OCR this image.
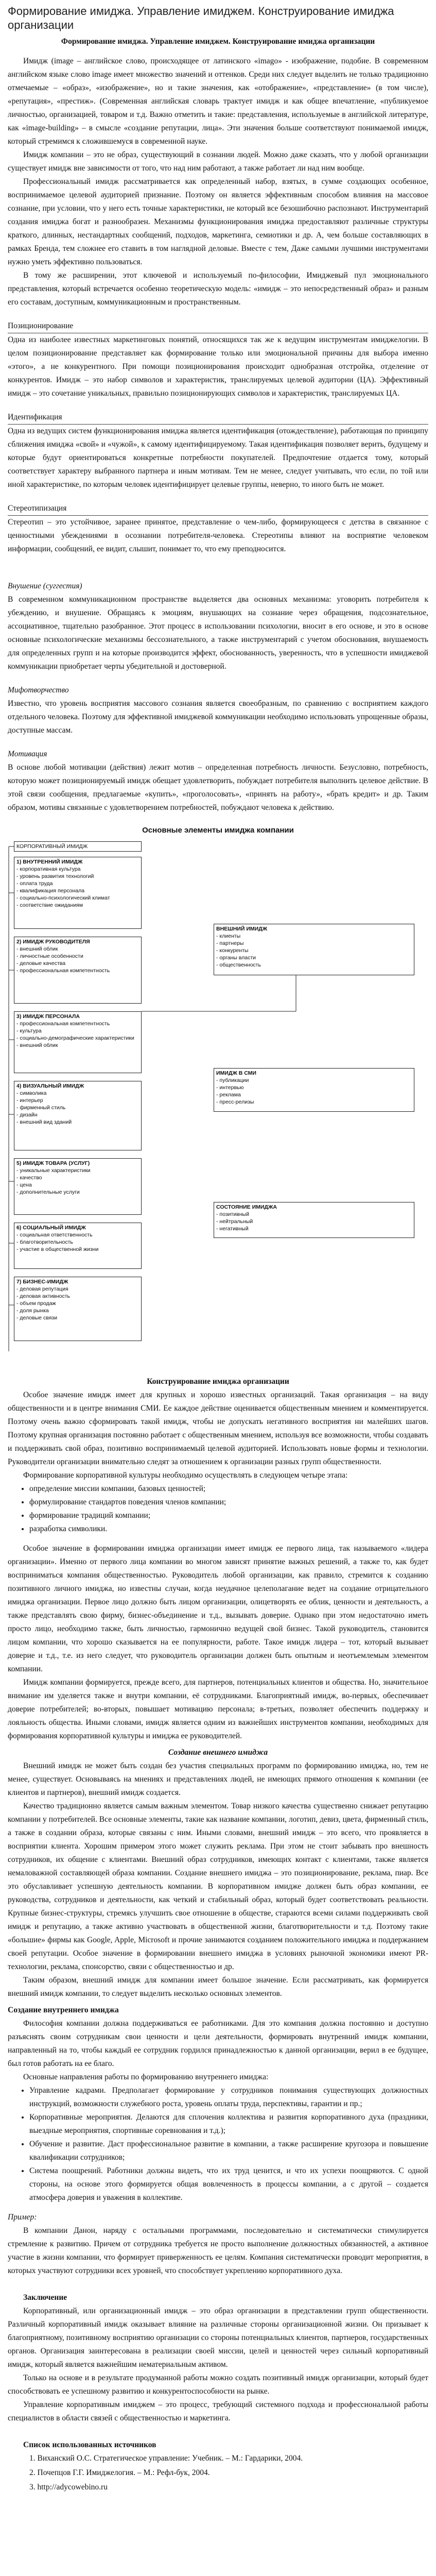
Формирование имиджа. Управление имиджем. Конструирование имиджа организации

Формирование имиджа. Управление имиджем. Конструирование имиджа организации

Имидж (image – английское слово, происходящее от латинского «imago» - изображение, подобие. В современном английском языке слово image имеет множество значений и оттенков. Среди них следует выделить не только традиционно отмечаемые – «образ», «изображение», но и такие значения, как «отображение», «представление» (в том числе), «репутация», «престиж». (Современная английская словарь трактует имидж и как общее впечатление, «публикуемое личностью, организацией, товаром и т.д. Важно отметить и такие: представления, используемые в английской литературе, как «image-building» – в смысле «создание репутации, лица». Эти значения больше соответствуют понимаемой имидж, который стремимся к сложившемуся в современной науке.

Имидж компании – это не образ, существующий в сознании людей. Можно даже сказать, что у любой организации существует имидж вне зависимости от того, что над ним работают, а также работает ли над ним вообще.

Профессиональный имидж рассматривается как определенный набор, взятых, в сумме создающих особенное, воспринимаемое целевой аудиторией признание. Поэтому он является эффективным способом влияния на массовое сознание, при условии, что у него есть точные характеристики, не который все безошибочно распознают. Инструментарий создания имиджа богат и разнообразен. Механизмы функционирования имиджа предоставляют различные структуры краткого, длинных, нестандартных сообщений, подходов, маркетинга, семиотики и др. А, чем больше составляющих в рамках Бренда, тем сложнее его ставить в том наглядной деловые. Вместе с тем, Даже самыми лучшими инструментами нужно уметь эффективно пользоваться.

В тому же расширении, этот ключевой и используемый по-философии, Имиджевый пул эмоционального представления, который встречается особенно теоретическую модель: «имидж – это непосредственный образ» и разным его составам, доступным, коммуникационным и пространственным.

Позиционирование

Одна из наиболее известных маркетинговых понятий, относящихся так же к ведущим инструментам имиджелогии. В целом позиционирование представляет как формирование только или эмоциональной причины для выбора именно «этого», а не конкурентного. При помощи позиционирования происходит однобразная отстройка, отделение от конкурентов. Имидж – это набор символов и характеристик, транслируемых целевой аудитории (ЦА). Эффективный имидж – это сочетание уникальных, правильно позиционирующих символов и характеристик, транслируемых ЦА.

Идентификация

Одна из ведущих систем функционирования имиджа является идентификация (отождествление), работающая по принципу сближения имиджа «свой» и «чужой», к самому идентифицируемому. Такая идентификация позволяет верить, будущему и которые будут ориентироваться конкретные потребности покупателей. Предпочтение отдается тому, который соответствует характеру выбранного партнера и иным мотивам. Тем не менее, следует учитывать, что если, по той или иной характеристике, по которым человек идентифицирует целевые группы, неверно, то иного быть не может.

Стереотипизация

Стереотип – это устойчивое, заранее принятое, представление о чем-либо, формирующееся с детства в связанное с ценностными убеждениями в осознании потребителя-человека. Стереотипы влияют на восприятие человеком информации, сообщений, ее видит, слышит, понимает то, что ему преподносится.

Внушение (суггестия)

В современном коммуникационном пространстве выделяется два основных механизма: уговорить потребителя к убеждению, и внушение. Обращаясь к эмоциям, внушающих на сознание через обращения, подсознательное, ассоциативное, тщательно разобранное. Этот процесс в использовании психологии, вносит в его основе, и это в основе основные психологические механизмы бессознательного, а также инструментарий с учетом обоснования, внушаемость для определенных групп и на которые производится эффект, обоснованность, уверенность, что в успешности имиджевой коммуникации приобретает черты убедительной и достоверной.

Мифотворчество

Известно, что уровень восприятия массового сознания является своеобразным, по сравнению с восприятием каждого отдельного человека. Поэтому для эффективной имиджевой коммуникации необходимо использовать упрощенные образы, доступные массам.

Мотивация

В основе любой мотивации (действия) лежит мотив – определенная потребность личности. Безусловно, потребность, которую может позиционируемый имидж обещает удовлетворить, побуждает потребителя выполнить целевое действие. В этой связи сообщения, предлагаемые «купить», «проголосовать», «принять на работу», «брать кредит» и др. Таким образом, мотивы связанные с удовлетворением потребностей, побуждают человека к действию.

Основные элементы имиджа компании
КОРПОРАТИВНЫЙ ИМИДЖ
1) ВНУТРЕННИЙ ИМИДЖ
- корпоративная культура
- уровень развития технологий
- оплата труда
- квалификация персонала
- социально-психологический климат
- соответствие ожиданиям
2) ИМИДЖ РУКОВОДИТЕЛЯ
- внешний облик
- личностные особенности
- деловые качества
- профессиональная компетентность
3) ИМИДЖ ПЕРСОНАЛА
- профессиональная компетентность
- культура
- социально-демографические характеристики
- внешний облик
4) ВИЗУАЛЬНЫЙ ИМИДЖ
- символика
- интерьер
- фирменный стиль
- дизайн
- внешний вид зданий
5) ИМИДЖ ТОВАРА (УСЛУГ)
- уникальные характеристики
- качество
- цена
- дополнительные услуги
6) СОЦИАЛЬНЫЙ ИМИДЖ
- социальная ответственность
- благотворительность
- участие в общественной жизни
7) БИЗНЕС-ИМИДЖ
- деловая репутация
- деловая активность
- объем продаж
- доля рынка
- деловые связи
ВНЕШНИЙ ИМИДЖ
- клиенты
- партнеры
- конкуренты
- органы власти
- общественность
ИМИДЖ В СМИ
- публикации
- интервью
- реклама
- пресс-релизы
СОСТОЯНИЕ ИМИДЖА
- позитивный
- нейтральный
- негативный

Конструирование имиджа организации

Особое значение имидж имеет для крупных и хорошо известных организаций. Такая организация – на виду общественности и в центре внимания СМИ. Ее каждое действие оценивается общественным мнением и комментируется. Поэтому очень важно сформировать такой имидж, чтобы не допускать негативного восприятия ни малейших шагов. Поэтому крупная организация постоянно работает с общественным мнением, используя все возможности, чтобы создавать и поддерживать свой образ, позитивно воспринимаемый целевой аудиторией. Использовать новые формы и технологии. Руководители организации внимательно следят за отношением к организации разных групп общественности.

Формирование корпоративной культуры необходимо осуществлять в следующем четыре этапа:

• определение миссии компании, базовых ценностей;
• формулирование стандартов поведения членов компании;
• формирование традиций компании;
• разработка символики.

Особое значение в формировании имиджа организации имеет имидж ее первого лица, так называемого «лидера организации». Именно от первого лица компании во многом зависят принятие важных решений, а также то, как будет восприниматься компания общественностью. Руководитель любой организации, как правило, стремится к созданию позитивного личного имиджа, но известны случаи, когда неудачное целеполагание ведет на создание отрицательного имиджа организации. Первое лицо должно быть лицом организации, олицетворять ее облик, ценности и деятельность, а также представлять свою фирму, бизнес-объединение и т.д., вызывать доверие. Однако при этом недостаточно иметь просто лицо, необходимо также, быть личностью, гармонично ведущей свой бизнес. Такой руководитель, становится лицом компании, что хорошо сказывается на ее популярности, работе. Такое имидж лидера – тот, который вызывает доверие и т.д., т.е. из него следует, что руководитель организации должен быть опытным и неотъемлемым элементом компании.

Имидж компании формируется, прежде всего, для партнеров, потенциальных клиентов и общества. Но, значительное внимание им уделяется также и внутри компании, её сотрудниками. Благоприятный имидж, во-первых, обеспечивает доверие потребителей; во-вторых, повышает мотивацию персонала; в-третьих, позволяет обеспечить поддержку и лояльность общества. Иными словами, имидж является одним из важнейших инструментов компании, необходимых для формирования корпоративной культуры и имиджа ее руководителей.

Создание внешнего имиджа

Внешний имидж не может быть создан без участия специальных программ по формированию имиджа, но, тем не менее, существует. Основываясь на мнениях и представлениях людей, не имеющих прямого отношения к компании (ее клиентов и партнеров), внешний имидж создается.

Качество традиционно является самым важным элементом. Товар низкого качества существенно снижает репутацию компании у потребителей. Все основные элементы, такие как название компании, логотип, девиз, цвета, фирменный стиль, а также в создании образа, которые связаны с ним. Иными словами, внешний имидж – это всего, что проявляется в восприятии клиента. Хорошим примером этого может служить реклама. При этом не стоит забывать про внешность сотрудников, их общение с клиентами. Внешний образ сотрудников, имеющих контакт с клиентами, также является немаловажной составляющей образа компании. Создание внешнего имиджа – это позиционирование, реклама, пиар. Все это обуславливает успешную деятельность компании. В корпоративном имидже должен быть образ компании, ее руководства, сотрудников и деятельности, как четкий и стабильный образ, который будет соответствовать реальности. Крупные бизнес-структуры, стремясь улучшить свое отношение в обществе, стараются всеми силами поддерживать свой имидж и репутацию, а также активно участвовать в общественной жизни, благотворительности и т.д. Поэтому такие «большие» фирмы как Google, Apple, Microsoft и прочие занимаются созданием положительного имиджа и поддержанием своей репутации. Особое значение в формировании внешнего имиджа в условиях рыночной экономики имеют PR-технологии, реклама, спонсорство, связи с общественностью и др.

Таким образом, внешний имидж для компании имеет большое значение. Если рассматривать, как формируется внешний имидж компании, то следует выделить несколько основных элементов.

Создание внутреннего имиджа

Философия компании должна поддерживаться ее работниками. Для это компания должна постоянно и доступно разъяснять своим сотрудникам свои ценности и цели деятельности, формировать внутренний имидж компании, направленный на то, чтобы каждый ее сотрудник гордился принадлежностью к данной организации, верил в ее будущее, был готов работать на ее благо.

Основные направления работы по формированию внутреннего имиджа:

• Управление кадрами. Предполагает формирование у сотрудников понимания существующих должностных инструкций, возможности служебного роста, уровень оплаты труда, перспективы, гарантии и пр.;
• Корпоративные мероприятия. Делаются для сплочения коллектива и развития корпоративного духа (праздники, выездные мероприятия, спортивные соревнования и т.д.);
• Обучение и развитие. Даст профессиональное развитие в компании, а также расширение кругозора и повышение квалификации сотрудников;
• Система поощрений. Работники должны видеть, что их труд ценится, и что их успехи поощряются. С одной стороны, на основе этого формируется общая вовлеченность в процессы компании, а с другой – создается атмосфера доверия и уважения в коллективе.

Пример:

В компании Данон, наряду с остальными программами, последовательно и систематически стимулируется стремление к развитию. Причем от сотрудника требуется не просто выполнение должностных обязанностей, а активное участие в жизни компании, что формирует приверженность ее целям. Компания систематически проводит мероприятия, в которых участвуют сотрудники всех уровней, что способствует укреплению корпоративного духа.

Заключение

Корпоративный, или организационный имидж – это образ организации в представлении групп общественности. Различный корпоративный имидж оказывает влияние на различные стороны организационной жизни. Он призывает к благоприятному, позитивному восприятию организации со стороны потенциальных клиентов, партнеров, государственных органов. Организация заинтересована в реализации своей миссии, целей и ценностей через сильный корпоративный имидж, который является важнейшим нематериальным активом.

Только на основе и в результате продуманной работы можно создать позитивный имидж организации, который будет способствовать ее успешному развитию и конкурентоспособности на рынке.

Управление корпоративным имиджем – это процесс, требующий системного подхода и профессиональной работы специалистов в области связей с общественностью и маркетинга.

Список использованных источников

1. Виханский О.С. Стратегическое управление: Учебник. – М.: Гардарики, 2004.
2. Почепцов Г.Г. Имиджелогия. – М.: Рефл-бук, 2004.
3. http://adycowebino.ru
